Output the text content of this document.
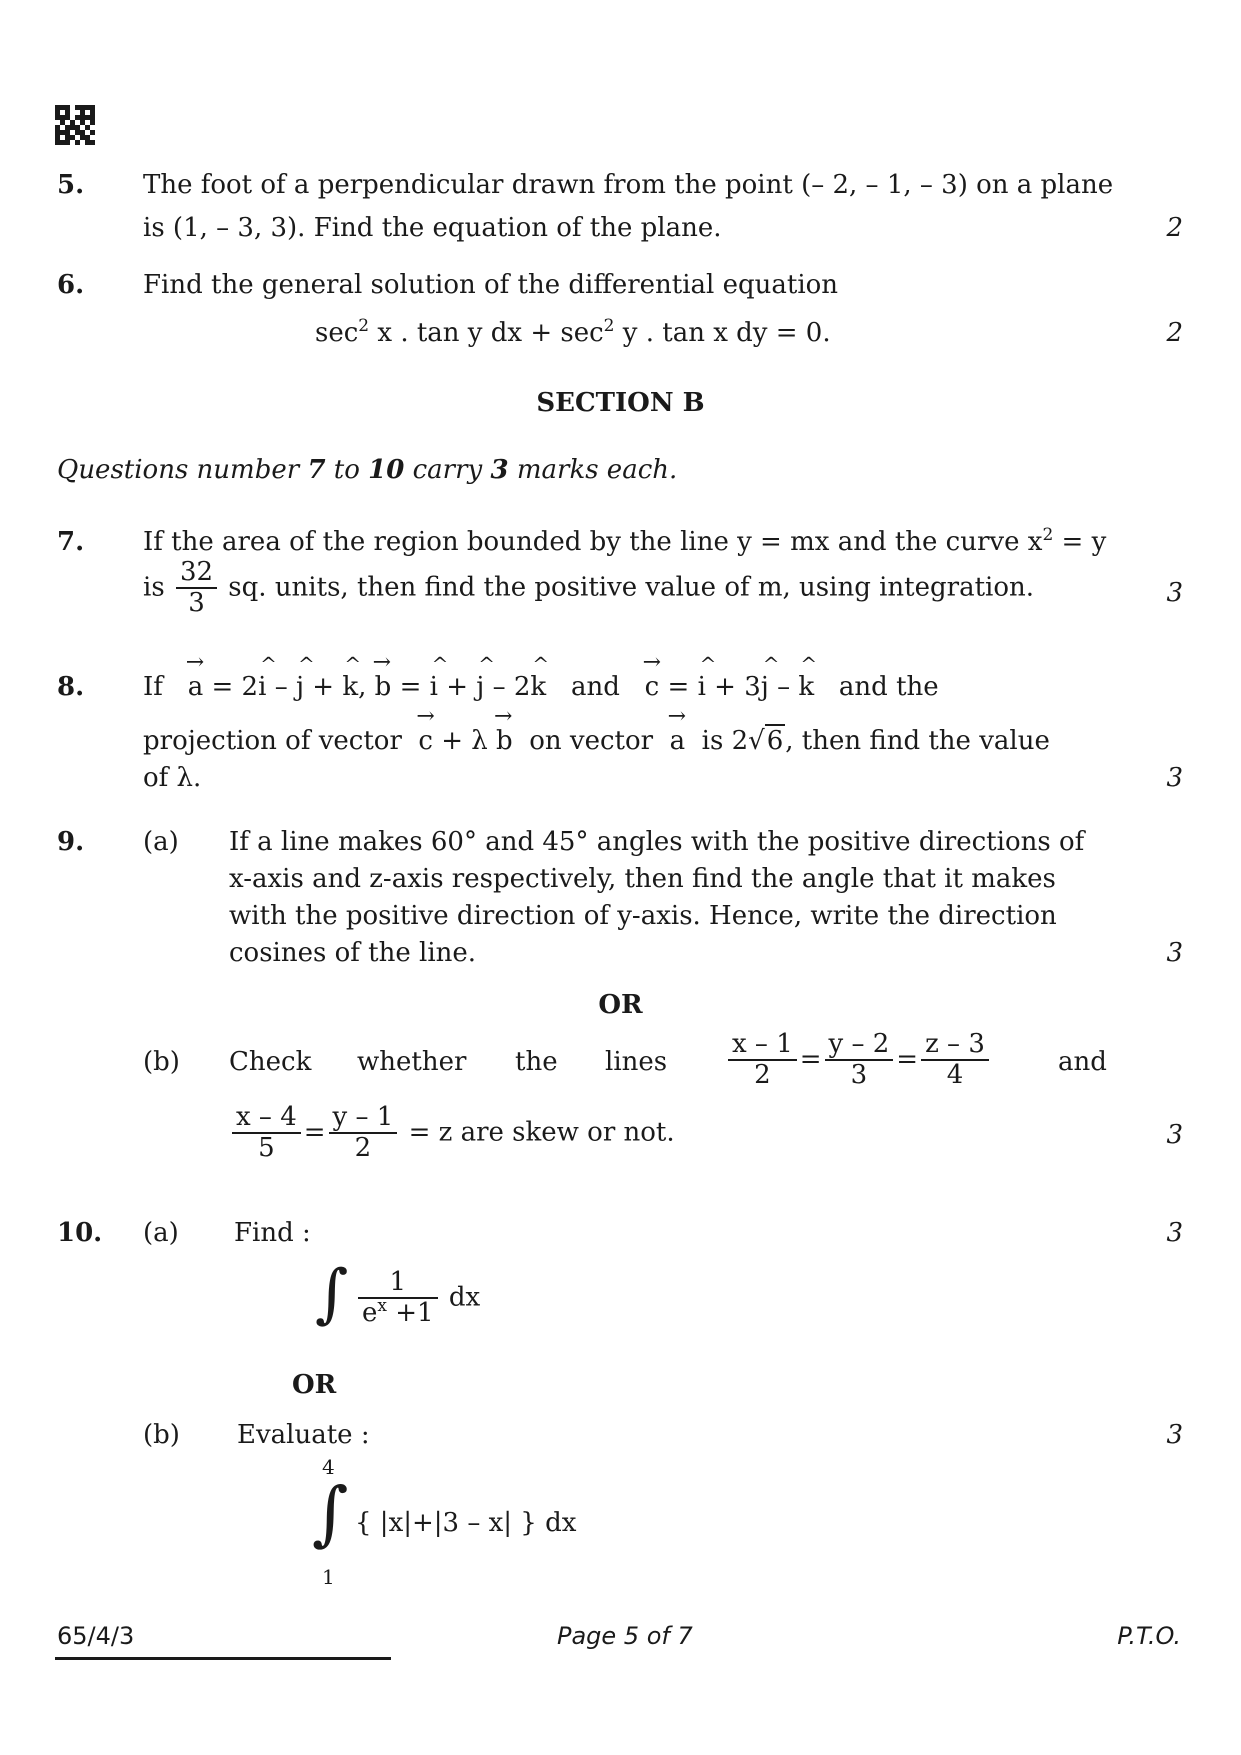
5. The foot of a perpendicular drawn from the point (– 2, – 1, – 3) on a plane
is (1, – 3, 3). Find the equation of the plane.	2
6. Find the general solution of the differential equation
$\sec^2 x$ . tan y dx + $\sec^2 y$ . tan x dy = 0.	2
SECTION B
Questions number 7 to 10 carry 3 marks each.
7. If the area of the region bounded by the line y = mx and the curve $x^2 = y$
is $\frac{32}{3}$ sq. units, then find the positive value of m, using integration.	3
8. If
→
a = 2
^
i –
^
j +
^
k,
→
b =
^
i +
^
j – 2
^
k and
→
c =
^
i + 3
^
j –
^
k and the
projection of vector
→
c + λ
→
b on vector
→
a is 2√6, then find the value
of λ.	3
9. (a) If a line makes 60° and 45° angles with the positive directions of
x-axis and z-axis respectively, then find the angle that it makes
with the positive direction of y-axis. Hence, write the direction
cosines of the line.	3
OR
(b) Check whether the lines $\frac{x - 1}{2} = \frac{y - 2}{3} = \frac{z - 3}{4}$	and
$\frac{x - 4}{5} = \frac{y - 1}{2} = z$ are skew or not.	3
10. (a) Find :	3
∫ $\frac{1}{e^x +1}$ dx
OR
(b) Evaluate :	3
4
∫
1
{ |x|+|3 – x| } dx
65/4/3	Page 5 of 7	P.T.O.
